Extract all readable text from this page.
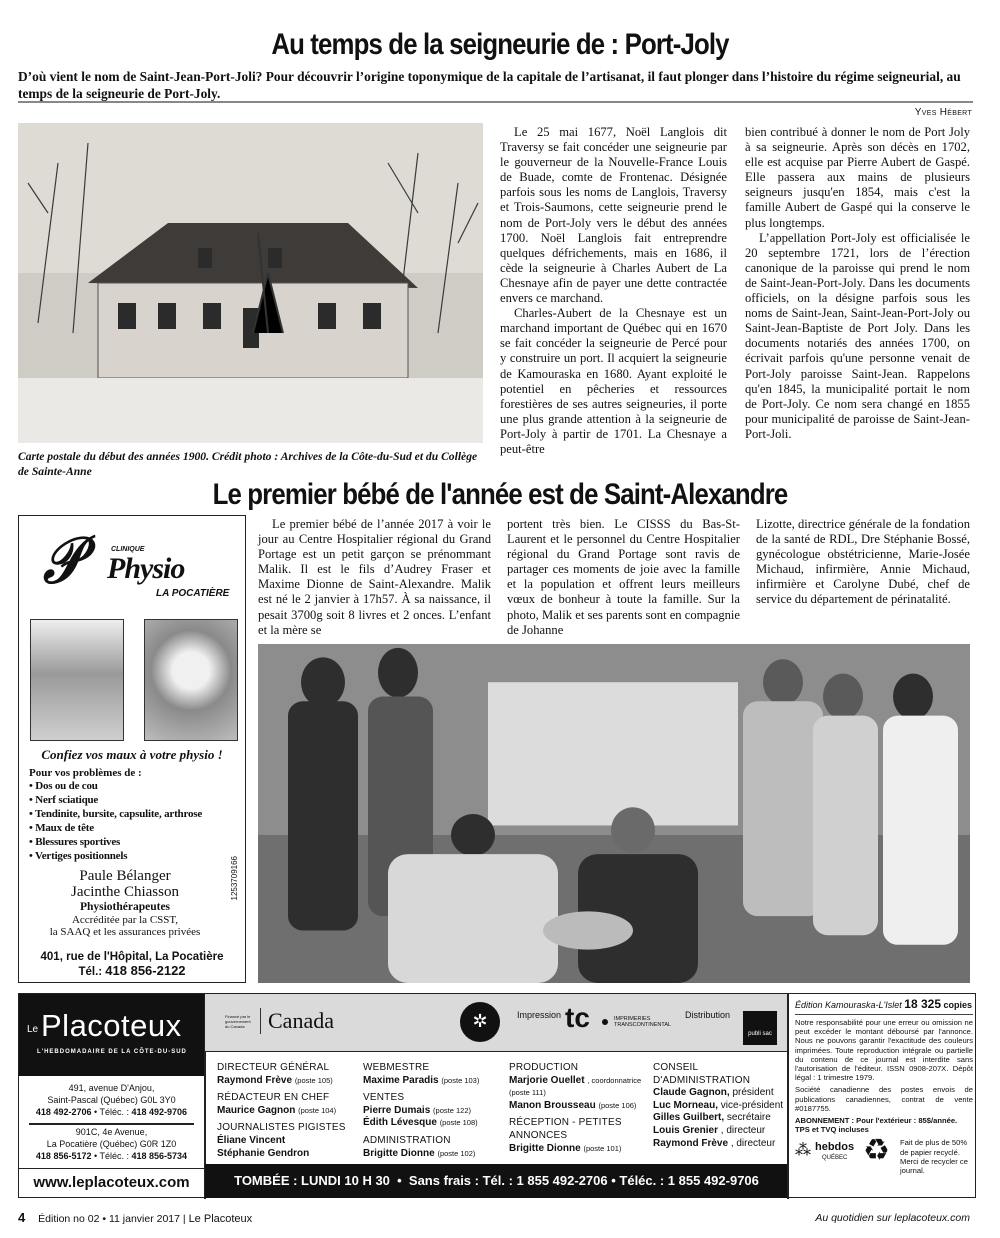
Au temps de la seigneurie de : Port-Joly
D’où vient le nom de Saint-Jean-Port-Joli? Pour découvrir l’origine toponymique de la capitale de l’artisanat, il faut plonger dans l’histoire du régime seigneurial, au temps de la seigneurie de Port-Joly.
Yves Hébert
Carte postale du début des années 1900. Crédit photo : Archives de la Côte-du-Sud et du Collège de Sainte-Anne

Le 25 mai 1677, Noël Langlois dit Traversy se fait concéder une seigneurie par le gouverneur de la Nouvelle-France Louis de Buade, comte de Frontenac. Désignée parfois sous les noms de Langlois, Traversy et Trois-Saumons, cette seigneurie prend le nom de Port-Joly vers le début des années 1700. Noël Langlois fait entreprendre quelques défrichements, mais en 1686, il cède la seigneurie à Charles Aubert de La Chesnaye afin de payer une dette contractée envers ce marchand.

Charles-Aubert de la Chesnaye est un marchand important de Québec qui en 1670 se fait concéder la seigneurie de Percé pour y construire un port. Il acquiert la seigneurie de Kamouraska en 1680. Ayant exploité le potentiel en pêcheries et ressources forestières de ses autres seigneuries, il porte une plus grande attention à la seigneurie de Port-Joly à partir de 1701. La Chesnaye a peut-être

bien contribué à donner le nom de Port Joly à sa seigneurie. Après son décès en 1702, elle est acquise par Pierre Aubert de Gaspé. Elle passera aux mains de plusieurs seigneurs jusqu'en 1854, mais c'est la famille Aubert de Gaspé qui la conserve le plus longtemps.

L’appellation Port-Joly est officialisée le 20 septembre 1721, lors de l’érection canonique de la paroisse qui prend le nom de Saint-Jean-Port-Joly. Dans les documents officiels, on la désigne parfois sous les noms de Saint-Jean, Saint-Jean-Port-Joly ou Saint-Jean-Baptiste de Port Joly. Dans les documents notariés des années 1700, on écrivait parfois qu'une personne venait de Port-Joly paroisse Saint-Jean. Rappelons qu'en 1845, la municipalité portait le nom de Port-Joly. Ce nom sera changé en 1855 pour municipalité de paroisse de Saint-Jean-Port-Joli.

Le premier bébé de l'année est de Saint-Alexandre
𝒫	CLINIQUE
Physio
LA POCATIÈRE
Confiez vos maux à votre physio !
Pour vos problèmes de :
• Dos ou de cou
• Nerf sciatique
• Tendinite, bursite, capsulite, arthrose
• Maux de tête
• Blessures sportives
• Vertiges positionnels	1253709166
Paule Bélanger
Jacinthe Chiasson
Physiothérapeutes
Accréditée par la CSST,
la SAAQ et les assurances privées
401, rue de l'Hôpital, La Pocatière
Tél.: 418 856-2122

Le premier bébé de l’année 2017 à voir le jour au Centre Hospitalier régional du Grand Portage est un petit garçon se prénommant Malik. Il est le fils d’Audrey Fraser et Maxime Dionne de Saint-Alexandre. Malik est né le 2 janvier à 17h57. À sa naissance, il pesait 3700g soit 8 livres et 2 onces. L’enfant et la mère se

portent très bien. Le CISSS du Bas-St-Laurent et le personnel du Centre Hospitalier régional du Grand Portage sont ravis de partager ces moments de joie avec la famille et la population et offrent leurs meilleurs vœux de bonheur à toute la famille. Sur la photo, Malik et ses parents sont en compagnie de Johanne

Lizotte, directrice générale de la fondation de la santé de RDL, Dre Stéphanie Bossé, gynécologue obstétricienne, Marie-Josée Michaud, infirmière, Annie Michaud, infirmière et Carolyne Dubé, chef de service du département de périnatalité.

Le Placoteux
L'HEBDOMADAIRE DE LA CÔTE-DU-SUD
491, avenue D'Anjou,
Saint-Pascal (Québec) G0L 3Y0
418 492-2706 • Téléc. : 418 492-9706
901C, 4e Avenue,
La Pocatière (Québec) G0R 1Z0
418 856-5172 • Téléc. : 418 856-5734
www.leplacoteux.com
Financé par le gouvernement du Canada	Canada	✲	Impression tc	IMPRIMERIES TRANSCONTINENTAL
Distribution
publi sac
DIRECTEUR GÉNÉRAL
Raymond Frève (poste 105)
RÉDACTEUR EN CHEF
Maurice Gagnon (poste 104)
JOURNALISTES PIGISTES
Éliane Vincent
Stéphanie Gendron
WEBMESTRE
Maxime Paradis (poste 103)
VENTES
Pierre Dumais (poste 122)
Édith Lévesque (poste 108)
ADMINISTRATION
Brigitte Dionne (poste 102)
PRODUCTION
Marjorie Ouellet , coordonnatrice (poste 111)
Manon Brousseau (poste 106)
RÉCEPTION - PETITES ANNONCES
Brigitte Dionne (poste 101)
CONSEIL D'ADMINISTRATION
Claude Gagnon, président
Luc Morneau, vice-président
Gilles Guilbert, secrétaire
Louis Grenier , directeur
Raymond Frève , directeur
TOMBÉE : LUNDI 10 H 30  •  Sans frais : Tél. : 1 855 492-2706 • Téléc. : 1 855 492-9706
Édition Kamouraska-L'Islet 18 325 copies

Notre responsabilité pour une erreur ou omission ne peut excéder le montant déboursé par l'annonce. Nous ne pouvons garantir l'exactitude des couleurs imprimées. Toute reproduction intégrale ou partielle du contenu de ce journal est interdite sans l'autorisation de l'éditeur. ISSN 0908-207X. Dépôt légal : 1 trimestre 1979.

Société canadienne des postes envois de publications canadiennes, contrat de vente #0187755.

ABONNEMENT : Pour l'extérieur : 85$/année. TPS et TVQ incluses

⁂ hebdos
QUÉBEC ♻ Fait de plus de 50% de papier recyclé. Merci de recycler ce journal.
4 Édition no 02 • 11 janvier 2017 | Le Placoteux	Au quotidien sur leplacoteux.com
